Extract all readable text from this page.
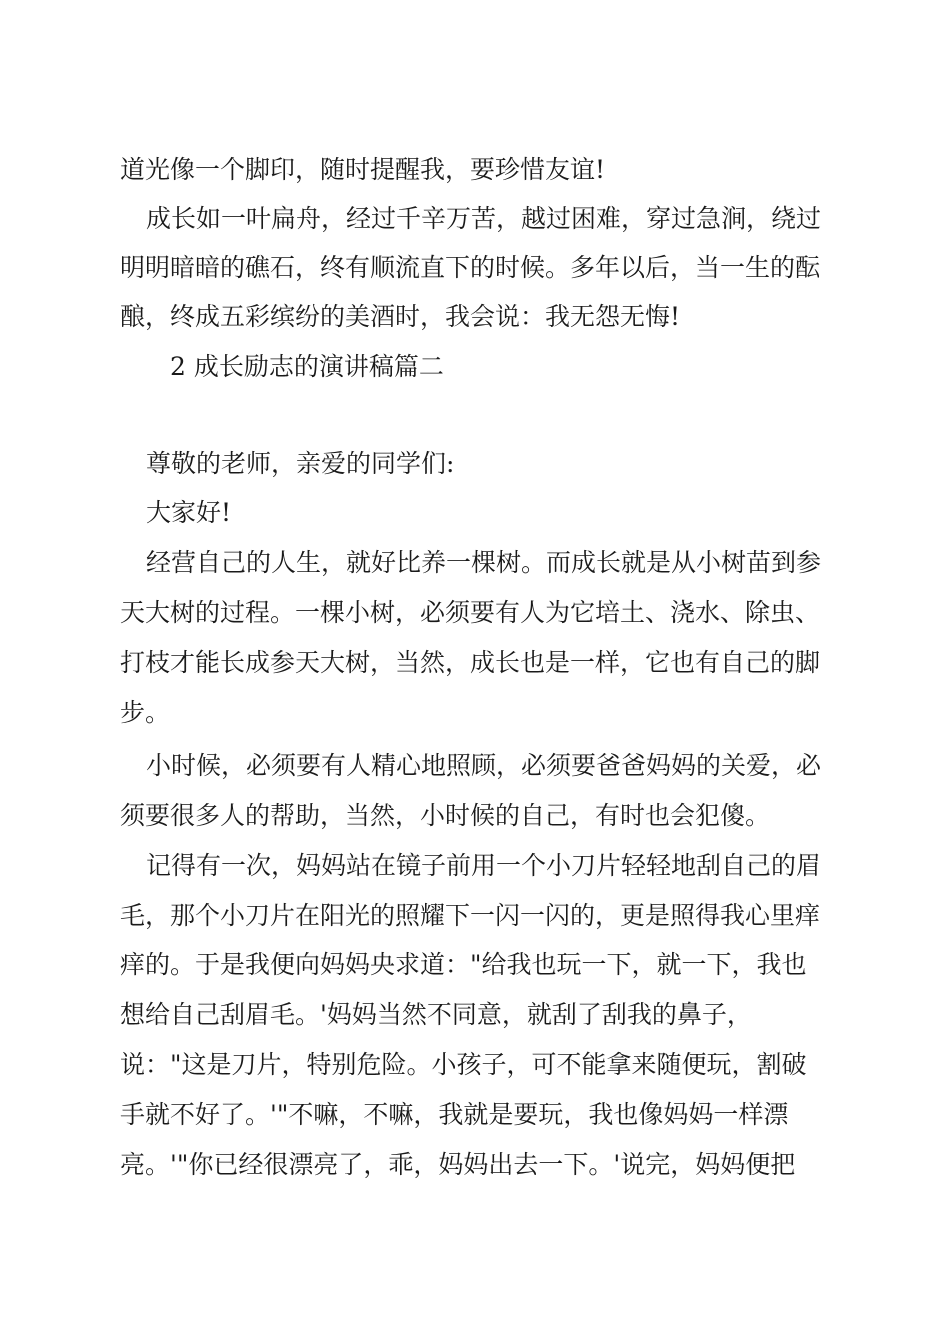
道光像一个脚印，随时提醒我，要珍惜友谊!
成长如一叶扁舟，经过千辛万苦，越过困难，穿过急涧，绕过
明明暗暗的礁石，终有顺流直下的时候。多年以后，当一生的酝
酿，终成五彩缤纷的美酒时，我会说：我无怨无悔!
2 成长励志的演讲稿篇二
尊敬的老师，亲爱的同学们:
大家好!
经营自己的人生，就好比养一棵树。而成长就是从小树苗到参
天大树的过程。一棵小树，必须要有人为它培土、浇水、除虫、
打枝才能长成参天大树，当然，成长也是一样，它也有自己的脚
步。
小时候，必须要有人精心地照顾，必须要爸爸妈妈的关爱，必
须要很多人的帮助，当然，小时候的自己，有时也会犯傻。
记得有一次，妈妈站在镜子前用一个小刀片轻轻地刮自己的眉
毛，那个小刀片在阳光的照耀下一闪一闪的，更是照得我心里痒
痒的。于是我便向妈妈央求道："给我也玩一下，就一下，我也
想给自己刮眉毛。'妈妈当然不同意，就刮了刮我的鼻子，
说："这是刀片，特别危险。小孩子，可不能拿来随便玩，割破
手就不好了。'"不嘛，不嘛，我就是要玩，我也像妈妈一样漂
亮。'"你已经很漂亮了，乖，妈妈出去一下。'说完，妈妈便把
